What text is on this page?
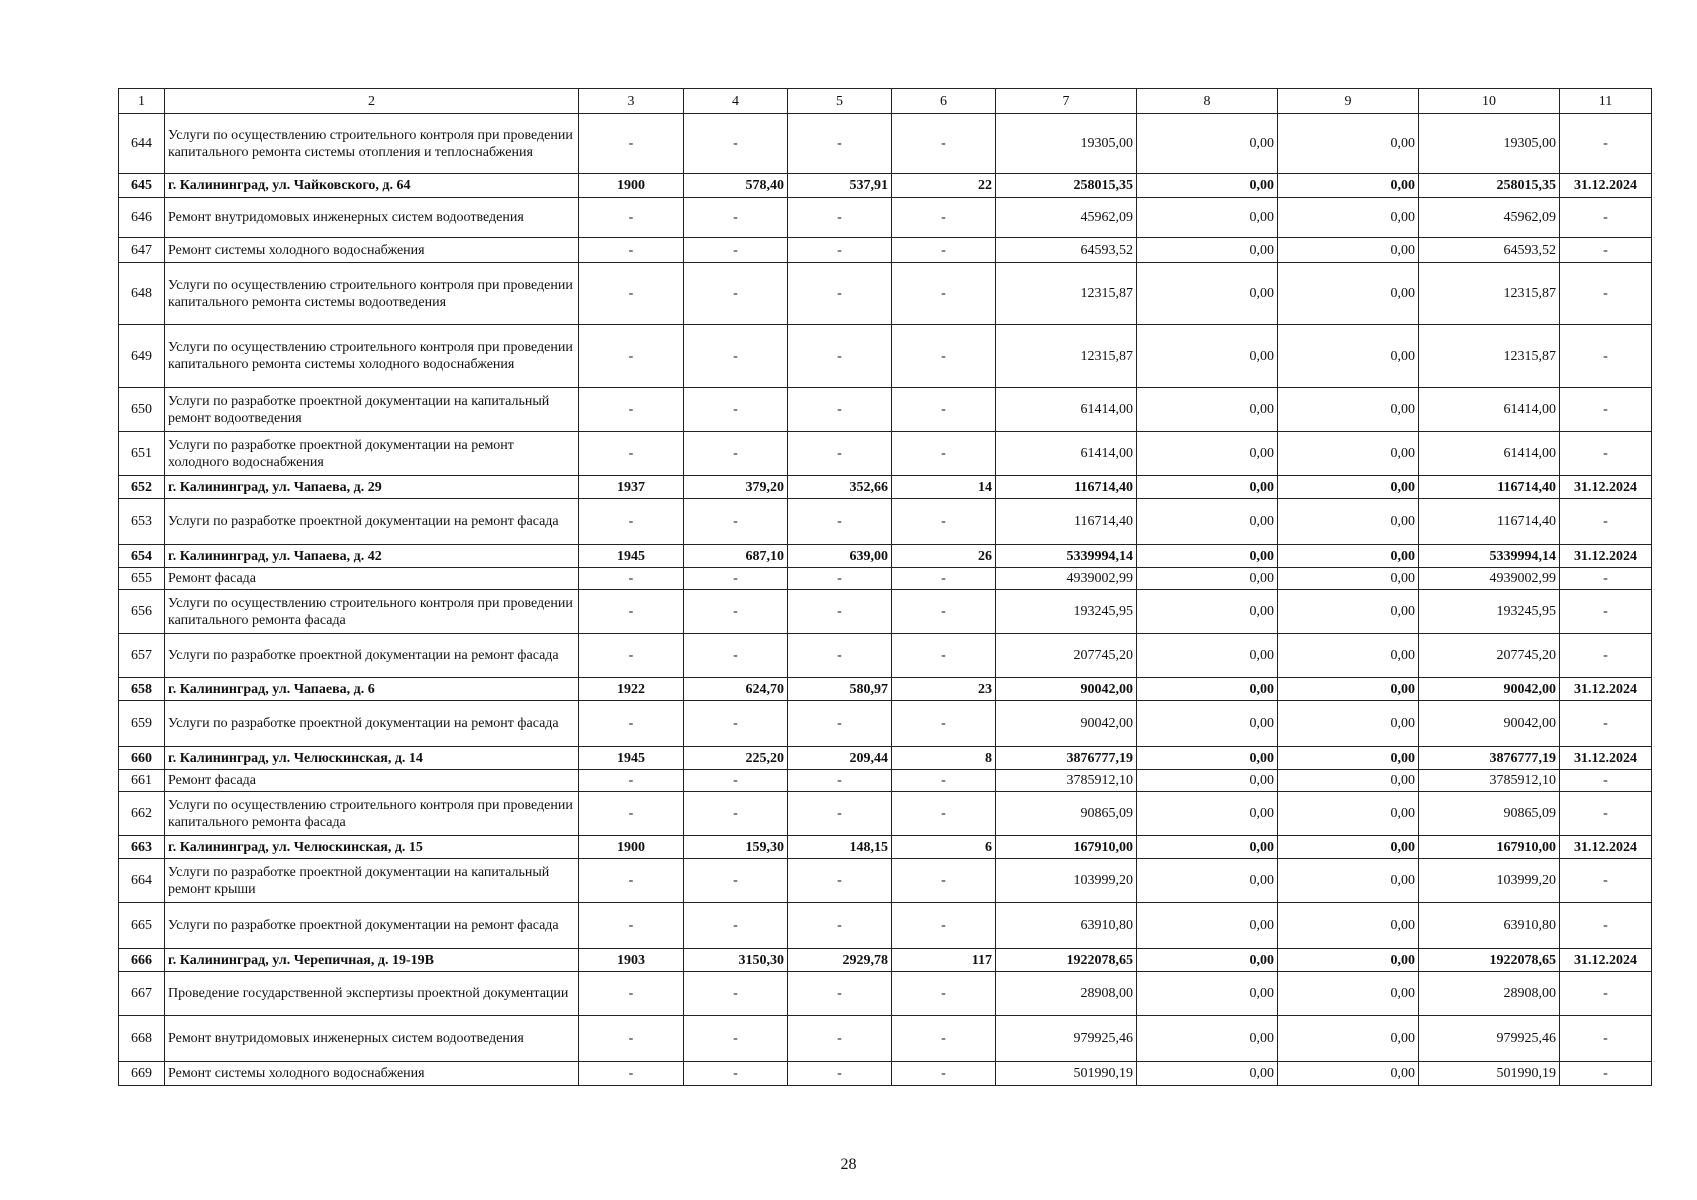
1	2	3	4	5	6	7	8	9	10	11
644	Услуги по осуществлению строительного контроля при проведении капитального ремонта системы отопления и теплоснабжения	-	-	-	-	19305,00	0,00	0,00	19305,00	-
645	г. Калининград, ул. Чайковского, д. 64	1900	578,40	537,91	22	258015,35	0,00	0,00	258015,35	31.12.2024
646	Ремонт внутридомовых инженерных систем водоотведения	-	-	-	-	45962,09	0,00	0,00	45962,09	-
647	Ремонт системы холодного водоснабжения	-	-	-	-	64593,52	0,00	0,00	64593,52	-
648	Услуги по осуществлению строительного контроля при проведении капитального ремонта системы водоотведения	-	-	-	-	12315,87	0,00	0,00	12315,87	-
649	Услуги по осуществлению строительного контроля при проведении капитального ремонта системы холодного водоснабжения	-	-	-	-	12315,87	0,00	0,00	12315,87	-
650	Услуги по разработке проектной документации на капитальный ремонт водоотведения	-	-	-	-	61414,00	0,00	0,00	61414,00	-
651	Услуги по разработке проектной документации на ремонт холодного водоснабжения	-	-	-	-	61414,00	0,00	0,00	61414,00	-
652	г. Калининград, ул. Чапаева, д. 29	1937	379,20	352,66	14	116714,40	0,00	0,00	116714,40	31.12.2024
653	Услуги по разработке проектной документации на ремонт фасада	-	-	-	-	116714,40	0,00	0,00	116714,40	-
654	г. Калининград, ул. Чапаева, д. 42	1945	687,10	639,00	26	5339994,14	0,00	0,00	5339994,14	31.12.2024
655	Ремонт фасада	-	-	-	-	4939002,99	0,00	0,00	4939002,99	-
656	Услуги по осуществлению строительного контроля при проведении капитального ремонта фасада	-	-	-	-	193245,95	0,00	0,00	193245,95	-
657	Услуги по разработке проектной документации на ремонт фасада	-	-	-	-	207745,20	0,00	0,00	207745,20	-
658	г. Калининград, ул. Чапаева, д. 6	1922	624,70	580,97	23	90042,00	0,00	0,00	90042,00	31.12.2024
659	Услуги по разработке проектной документации на ремонт фасада	-	-	-	-	90042,00	0,00	0,00	90042,00	-
660	г. Калининград, ул. Челюскинская, д. 14	1945	225,20	209,44	8	3876777,19	0,00	0,00	3876777,19	31.12.2024
661	Ремонт фасада	-	-	-	-	3785912,10	0,00	0,00	3785912,10	-
662	Услуги по осуществлению строительного контроля при проведении капитального ремонта фасада	-	-	-	-	90865,09	0,00	0,00	90865,09	-
663	г. Калининград, ул. Челюскинская, д. 15	1900	159,30	148,15	6	167910,00	0,00	0,00	167910,00	31.12.2024
664	Услуги по разработке проектной документации на капитальный ремонт крыши	-	-	-	-	103999,20	0,00	0,00	103999,20	-
665	Услуги по разработке проектной документации на ремонт фасада	-	-	-	-	63910,80	0,00	0,00	63910,80	-
666	г. Калининград, ул. Черепичная, д. 19-19В	1903	3150,30	2929,78	117	1922078,65	0,00	0,00	1922078,65	31.12.2024
667	Проведение государственной экспертизы проектной документации	-	-	-	-	28908,00	0,00	0,00	28908,00	-
668	Ремонт внутридомовых инженерных систем водоотведения	-	-	-	-	979925,46	0,00	0,00	979925,46	-
669	Ремонт системы холодного водоснабжения	-	-	-	-	501990,19	0,00	0,00	501990,19	-
28
